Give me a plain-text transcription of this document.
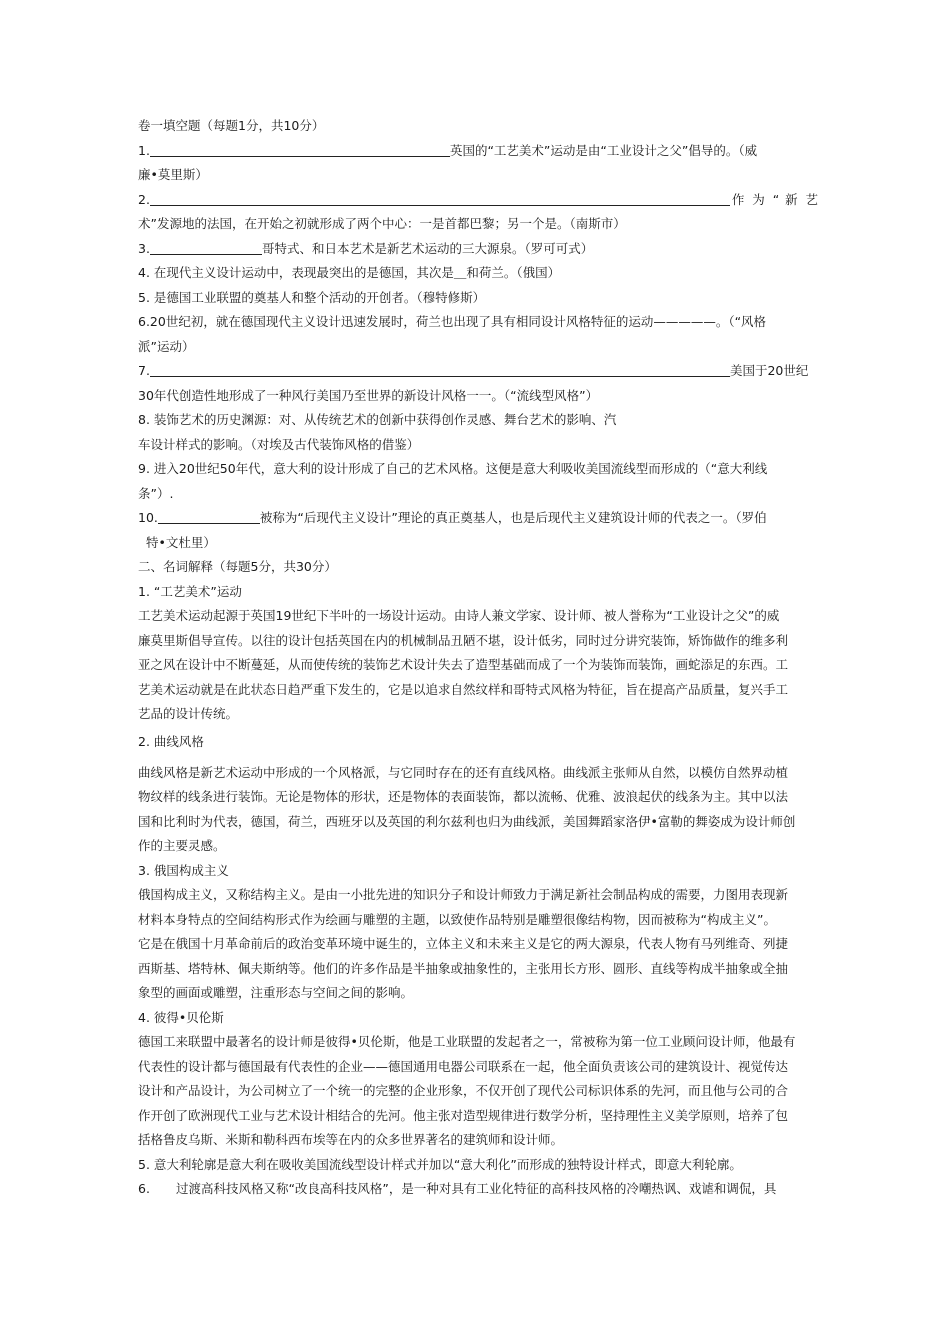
卷一填空题（每题1分，共10分）
1.	英国的“工艺美术”运动是由“工业设计之父”倡导的。（威
廉•莫里斯）
2.	作 为 “ 新 艺
术”发源地的法国，在开始之初就形成了两个中心：一是首都巴黎；另一个是。（南斯市）
3.	哥特式、和日本艺术是新艺术运动的三大源泉。（罗可可式）
4. 在现代主义设计运动中，表现最突出的是德国，其次是＿和荷兰。（俄国）
5. 是德国工业联盟的奠基人和整个活动的开创者。（穆特修斯）
6.20世纪初，就在德国现代主义设计迅速发展时，荷兰也出现了具有相同设计风格特征的运动—————。（“风格
派”运动）
7.	美国于20世纪
30年代创造性地形成了一种风行美国乃至世界的新设计风格一一。（“流线型风格”）
8. 装饰艺术的历史渊源：对、从传统艺术的创新中获得创作灵感、舞台艺术的影响、汽
车设计样式的影响。（对埃及古代装饰风格的借鉴）
9. 进入20世纪50年代，意大利的设计形成了自己的艺术风格。这便是意大利吸收美国流线型而形成的（“意大利线
条”）.
10.	被称为“后现代主义设计”理论的真正奠基人，也是后现代主义建筑设计师的代表之一。（罗伯
特•文杜里）
二、名词解释（每题5分，共30分）
1. “工艺美术”运动
工艺美术运动起源于英国19世纪下半叶的一场设计运动。由诗人兼文学家、设计师、被人誉称为“工业设计之父”的威
廉莫里斯倡导宣传。以往的设计包括英国在内的机械制品丑陋不堪，设计低劣，同时过分讲究装饰，矫饰做作的维多利
亚之风在设计中不断蔓延，从而使传统的装饰艺术设计失去了造型基础而成了一个为装饰而装饰，画蛇添足的东西。工
艺美术运动就是在此状态日趋严重下发生的，它是以追求自然纹样和哥特式风格为特征，旨在提高产品质量，复兴手工
艺品的设计传统。
2. 曲线风格
曲线风格是新艺术运动中形成的一个风格派，与它同时存在的还有直线风格。曲线派主张师从自然，以模仿自然界动植
物纹样的线条进行装饰。无论是物体的形状，还是物体的表面装饰，都以流畅、优雅、波浪起伏的线条为主。其中以法
国和比利时为代表，德国，荷兰，西班牙以及英国的利尔兹利也归为曲线派，美国舞蹈家洛伊•富勒的舞姿成为设计师创
作的主要灵感。
3. 俄国构成主义
俄国构成主义，又称结构主义。是由一小批先进的知识分子和设计师致力于满足新社会制品构成的需要，力图用表现新
材料本身特点的空间结构形式作为绘画与雕塑的主题，以致使作品特别是雕塑很像结构物，因而被称为“构成主义”。
它是在俄国十月革命前后的政治变革环境中诞生的，立体主义和未来主义是它的两大源泉，代表人物有马列维奇、列捷
西斯基、塔特林、佩夫斯纳等。他们的许多作品是半抽象或抽象性的，主张用长方形、圆形、直线等构成半抽象或全抽
象型的画面或雕塑，注重形态与空间之间的影响。
4. 彼得•贝伦斯
德国工来联盟中最著名的设计师是彼得•贝伦斯，他是工业联盟的发起者之一，常被称为第一位工业顾问设计师，他最有
代表性的设计都与德国最有代表性的企业——德国通用电器公司联系在一起，他全面负责该公司的建筑设计、视觉传达
设计和产品设计，为公司树立了一个统一的完整的企业形象，不仅开创了现代公司标识体系的先河，而且他与公司的合
作开创了欧洲现代工业与艺术设计相结合的先河。他主张对造型规律进行数学分析，坚持理性主义美学原则，培养了包
括格鲁皮乌斯、米斯和勒科西布埃等在内的众多世界著名的建筑师和设计师。
5. 意大利轮廓是意大利在吸收美国流线型设计样式并加以“意大利化”而形成的独特设计样式，即意大利轮廓。
6. 过渡高科技风格又称“改良高科技风格”，是一种对具有工业化特征的高科技风格的冷嘲热讽、戏谑和调侃，具
